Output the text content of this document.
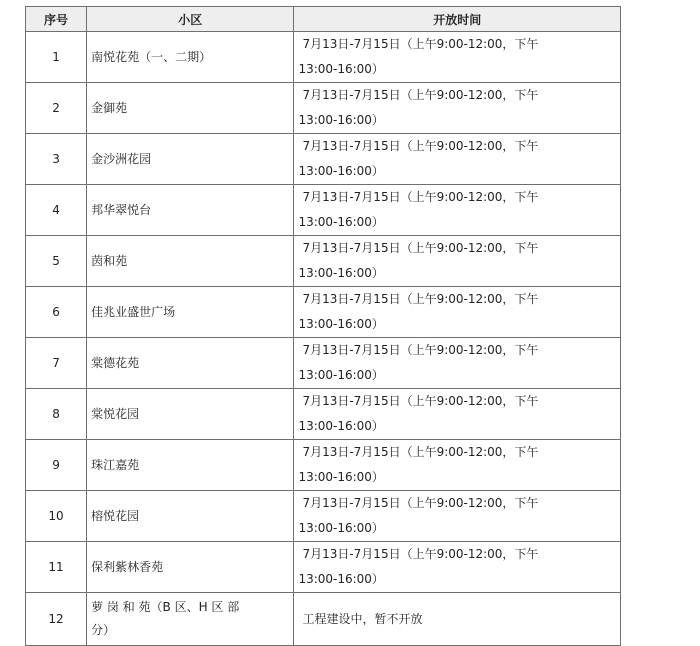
序号	小区	开放时间
1	南悦花苑（一、二期）	7月13日-7月15日（上午9:00-12:00，下午
13:00-16:00）
2	金御苑	7月13日-7月15日（上午9:00-12:00，下午
13:00-16:00）
3	金沙洲花园	7月13日-7月15日（上午9:00-12:00，下午
13:00-16:00）
4	邦华翠悦台	7月13日-7月15日（上午9:00-12:00，下午
13:00-16:00）
5	茵和苑	7月13日-7月15日（上午9:00-12:00，下午
13:00-16:00）
6	佳兆业盛世广场	7月13日-7月15日（上午9:00-12:00，下午
13:00-16:00）
7	棠德花苑	7月13日-7月15日（上午9:00-12:00，下午
13:00-16:00）
8	棠悦花园	7月13日-7月15日（上午9:00-12:00，下午
13:00-16:00）
9	珠江嘉苑	7月13日-7月15日（上午9:00-12:00，下午
13:00-16:00）
10	榕悦花园	7月13日-7月15日（上午9:00-12:00，下午
13:00-16:00）
11	保利紫林香苑	7月13日-7月15日（上午9:00-12:00，下午
13:00-16:00）
12	萝 岗 和 苑（B 区、H 区 部
分）	工程建设中，暂不开放
